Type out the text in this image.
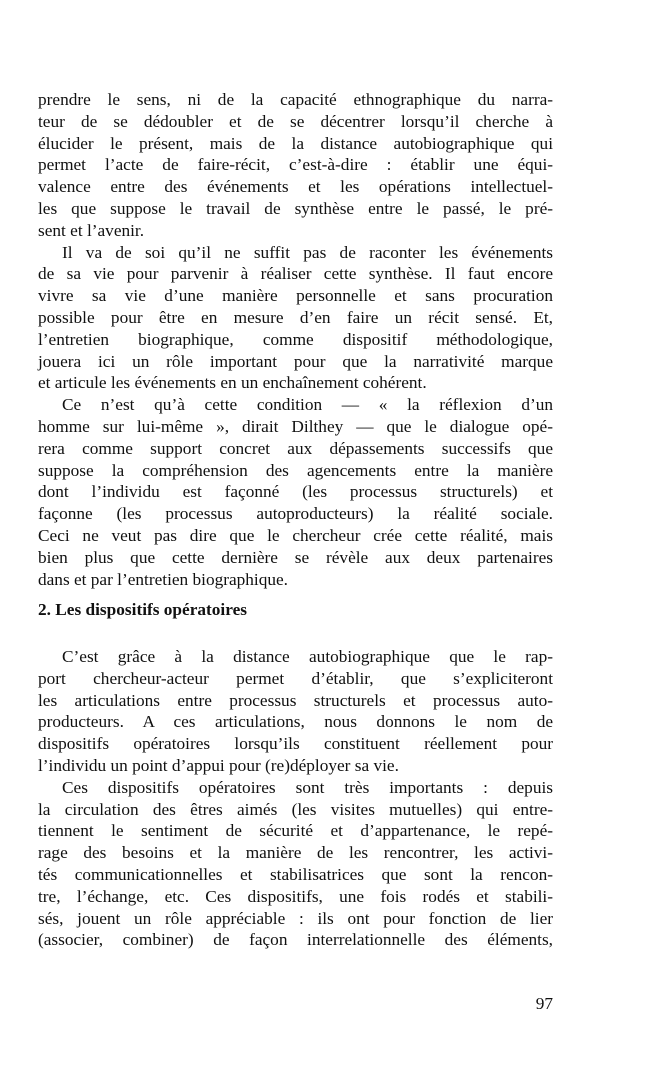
prendre le sens, ni de la capacité ethnographique du narra-
teur de se dédoubler et de se décentrer lorsqu’il cherche à
élucider le présent, mais de la distance autobiographique qui
permet l’acte de faire-récit, c’est-à-dire : établir une équi-
valence entre des événements et les opérations intellectuel-
les que suppose le travail de synthèse entre le passé, le pré-
sent et l’avenir.
Il va de soi qu’il ne suffit pas de raconter les événements
de sa vie pour parvenir à réaliser cette synthèse. Il faut encore
vivre sa vie d’une manière personnelle et sans procuration
possible pour être en mesure d’en faire un récit sensé. Et,
l’entretien biographique, comme dispositif méthodologique,
jouera ici un rôle important pour que la narrativité marque
et articule les événements en un enchaînement cohérent.
Ce n’est qu’à cette condition — « la réflexion d’un
homme sur lui-même », dirait Dilthey — que le dialogue opé-
rera comme support concret aux dépassements successifs que
suppose la compréhension des agencements entre la manière
dont l’individu est façonné (les processus structurels) et
façonne (les processus autoproducteurs) la réalité sociale.
Ceci ne veut pas dire que le chercheur crée cette réalité, mais
bien plus que cette dernière se révèle aux deux partenaires
dans et par l’entretien biographique.
2. Les dispositifs opératoires
C’est grâce à la distance autobiographique que le rap-
port chercheur-acteur permet d’établir, que s’expliciteront
les articulations entre processus structurels et processus auto-
producteurs. A ces articulations, nous donnons le nom de
dispositifs opératoires lorsqu’ils constituent réellement pour
l’individu un point d’appui pour (re)déployer sa vie.
Ces dispositifs opératoires sont très importants : depuis
la circulation des êtres aimés (les visites mutuelles) qui entre-
tiennent le sentiment de sécurité et d’appartenance, le repé-
rage des besoins et la manière de les rencontrer, les activi-
tés communicationnelles et stabilisatrices que sont la rencon-
tre, l’échange, etc. Ces dispositifs, une fois rodés et stabili-
sés, jouent un rôle appréciable : ils ont pour fonction de lier
(associer, combiner) de façon interrelationnelle des éléments,
97
